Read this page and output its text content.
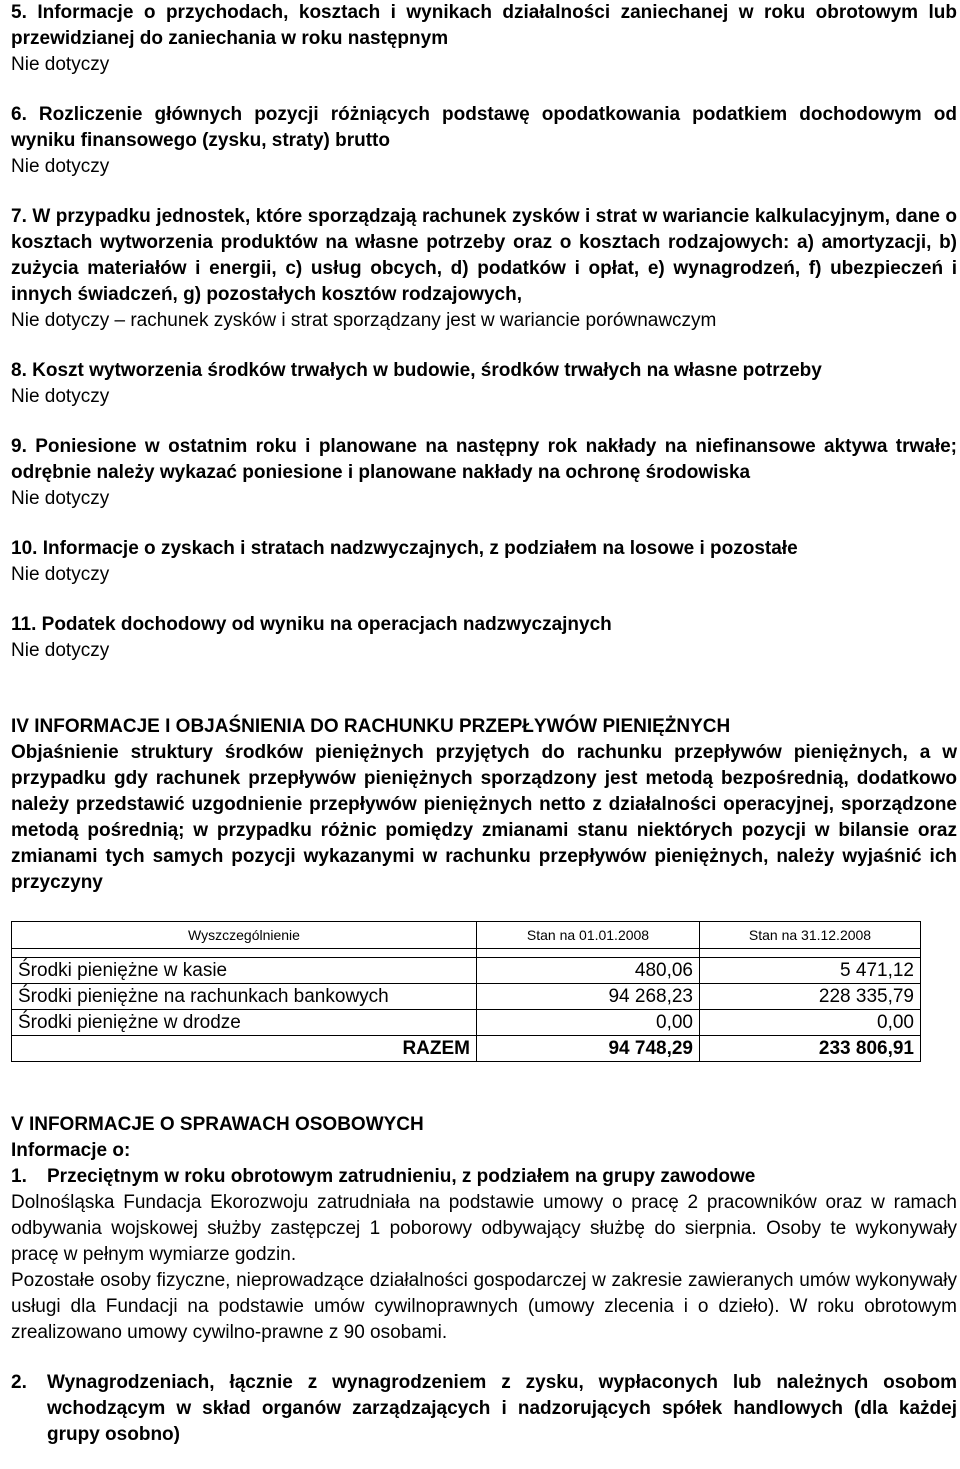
5. Informacje o przychodach, kosztach i wynikach działalności zaniechanej w roku obrotowym lub przewidzianej do zaniechania w roku następnym

Nie dotyczy

6. Rozliczenie głównych pozycji różniących podstawę opodatkowania podatkiem dochodowym od wyniku finansowego (zysku, straty) brutto

Nie dotyczy

7. W przypadku jednostek, które sporządzają rachunek zysków i strat w wariancie kalkulacyjnym, dane o kosztach wytworzenia produktów na własne potrzeby oraz o kosztach rodzajowych: a) amortyzacji, b) zużycia materiałów i energii, c) usług obcych, d) podatków i opłat, e) wynagrodzeń, f) ubezpieczeń i innych świadczeń, g) pozostałych kosztów rodzajowych,

Nie dotyczy – rachunek zysków i strat sporządzany jest w wariancie porównawczym

8. Koszt wytworzenia środków trwałych w budowie, środków trwałych na własne potrzeby

Nie dotyczy

9. Poniesione w ostatnim roku i planowane na następny rok nakłady na niefinansowe aktywa trwałe; odrębnie należy wykazać poniesione i planowane nakłady na ochronę środowiska

Nie dotyczy

10. Informacje o zyskach i stratach nadzwyczajnych, z podziałem na losowe i pozostałe

Nie dotyczy

11. Podatek dochodowy od wyniku na operacjach nadzwyczajnych

Nie dotyczy

IV INFORMACJE I OBJAŚNIENIA DO RACHUNKU PRZEPŁYWÓW PIENIĘŻNYCH

Objaśnienie struktury środków pieniężnych przyjętych do rachunku przepływów pieniężnych, a w przypadku gdy rachunek przepływów pieniężnych sporządzony jest metodą bezpośrednią, dodatkowo należy przedstawić uzgodnienie przepływów pieniężnych netto z działalności operacyjnej, sporządzone metodą pośrednią; w przypadku różnic pomiędzy zmianami stanu niektórych pozycji w bilansie oraz zmianami tych samych pozycji wykazanymi w rachunku przepływów pieniężnych, należy wyjaśnić ich przyczyny

Wyszczególnienie	Stan na 01.01.2008	Stan na 31.12.2008

Środki pieniężne w kasie	480,06	5 471,12
Środki pieniężne na rachunkach bankowych	94 268,23	228 335,79
Środki pieniężne w drodze	0,00	0,00
RAZEM	94 748,29	233 806,91

V INFORMACJE O SPRAWACH OSOBOWYCH

Informacje o:

1.	Przeciętnym w roku obrotowym zatrudnieniu, z podziałem na grupy zawodowe

Dolnośląska Fundacja Ekorozwoju zatrudniała na podstawie umowy o pracę 2 pracowników oraz w ramach odbywania wojskowej służby zastępczej 1 poborowy odbywający służbę do sierpnia. Osoby te wykonywały pracę w pełnym wymiarze godzin.

Pozostałe osoby fizyczne, nieprowadzące działalności gospodarczej w zakresie zawieranych umów wykonywały usługi dla Fundacji na podstawie umów cywilnoprawnych (umowy zlecenia i o dzieło). W roku obrotowym zrealizowano umowy cywilno-prawne z 90 osobami.

2.	Wynagrodzeniach, łącznie z wynagrodzeniem z zysku, wypłaconych lub należnych osobom wchodzącym w skład organów zarządzających i nadzorujących spółek handlowych (dla każdej grupy osobno)
